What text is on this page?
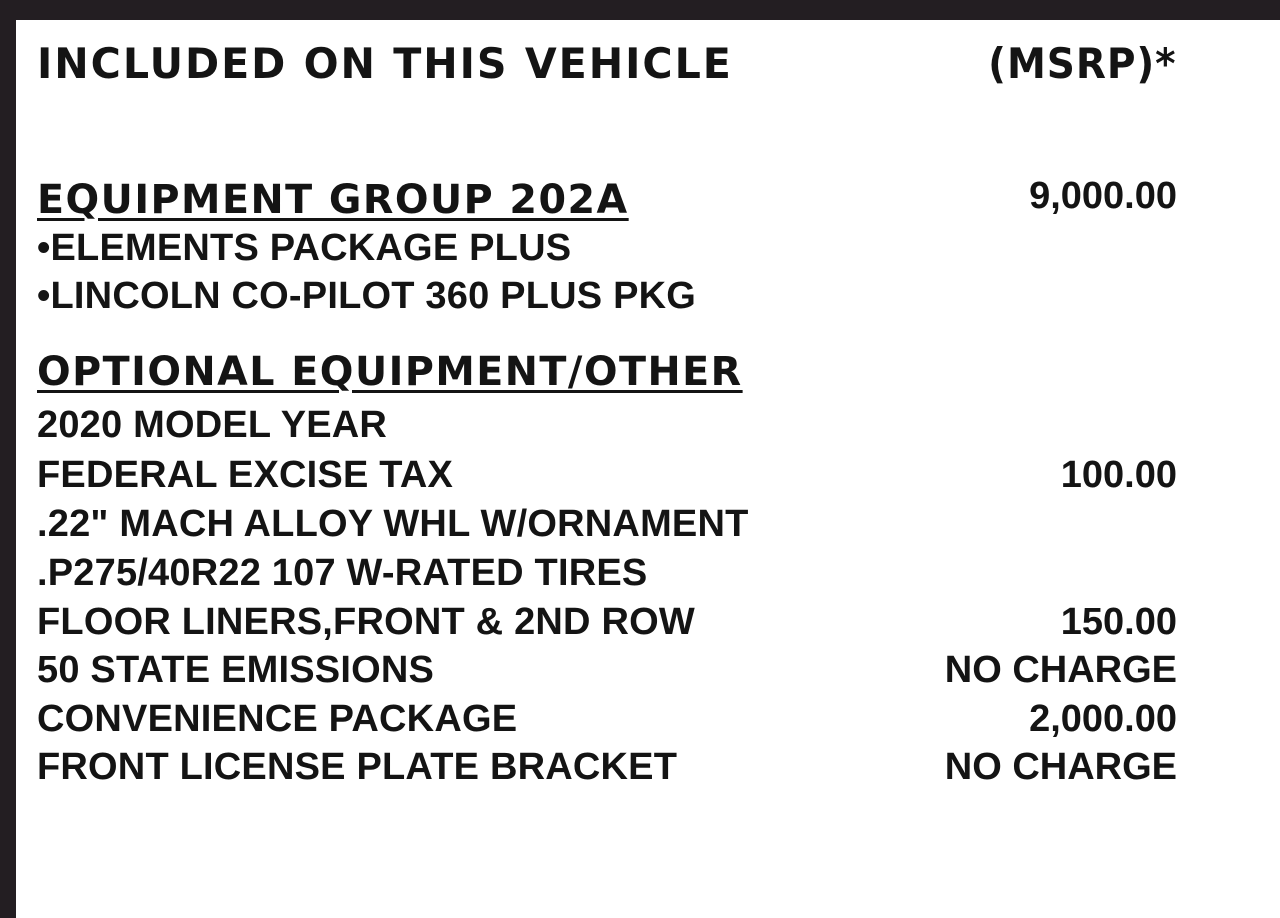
INCLUDED ON THIS VEHICLE	(MSRP)*
EQUIPMENT GROUP 202A	9,000.00
•ELEMENTS PACKAGE PLUS
•LINCOLN CO-PILOT 360 PLUS PKG
OPTIONAL EQUIPMENT/OTHER
2020 MODEL YEAR
FEDERAL EXCISE TAX	100.00
.22" MACH ALLOY WHL W/ORNAMENT
.P275/40R22 107 W-RATED TIRES
FLOOR LINERS,FRONT & 2ND ROW	150.00
50 STATE EMISSIONS	NO CHARGE
CONVENIENCE PACKAGE	2,000.00
FRONT LICENSE PLATE BRACKET	NO CHARGE
